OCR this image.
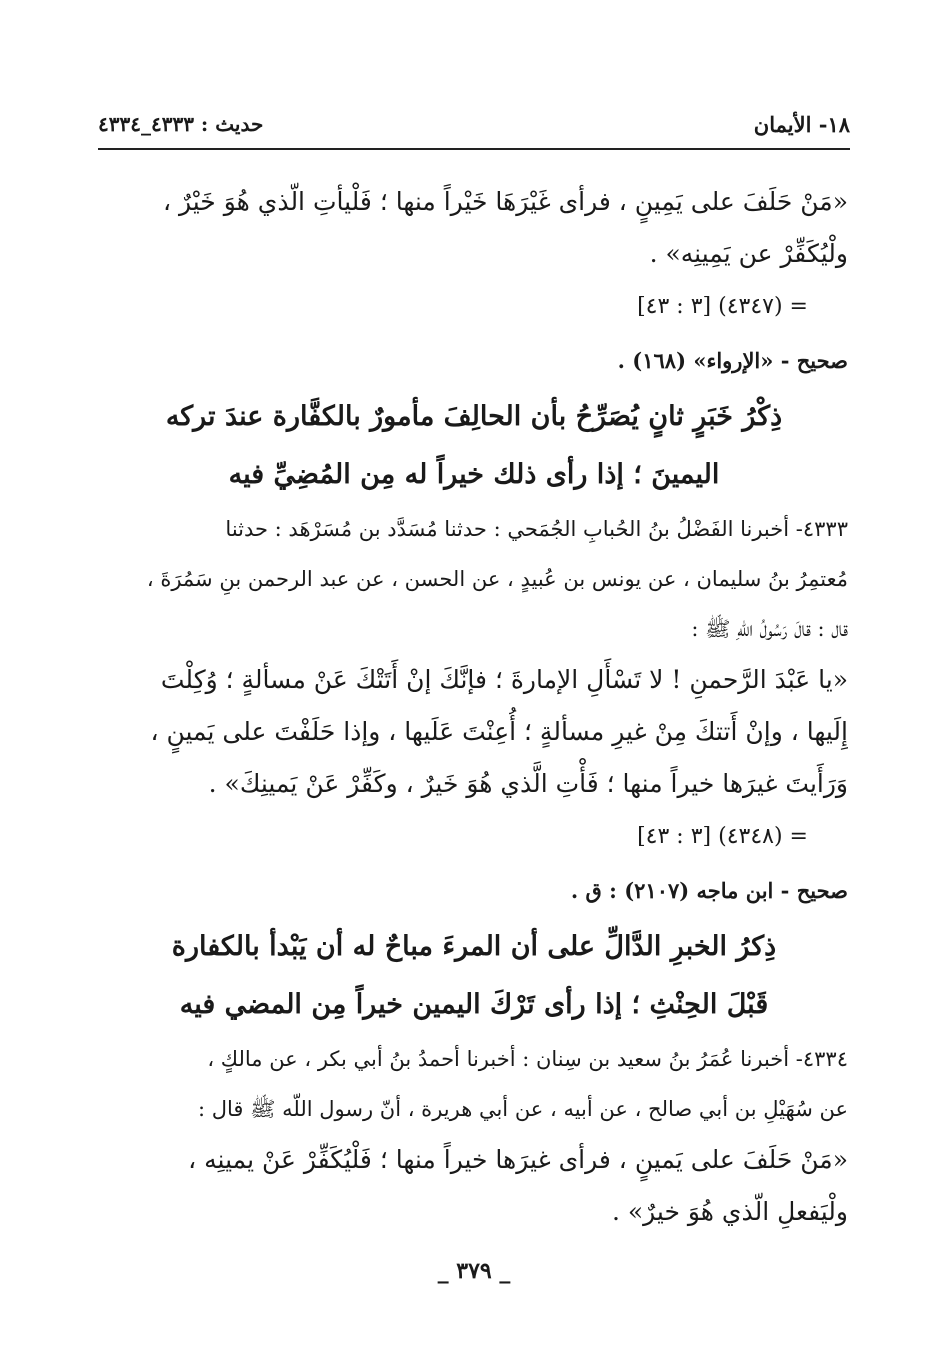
١٨- الأيمان
حديث : ٤٣٣٣_٤٣٣٤
«مَنْ حَلَفَ على يَمِينٍ ، فرأى غَيْرَهَا خَيْراً منها ؛ فَلْيأتِ الّذي هُوَ خَيْرٌ ،
ولْيُكَفِّرْ عن يَمِينِه» .
= (٤٣٤٧) [٣ : ٤٣]
صحيح - «الإرواء» (١٦٨) .
ذِكْرُ خَبَرٍ ثانٍ يُصَرِّحُ بأن الحالِفَ مأمورٌ بالكفَّارة عندَ تركه
اليمينَ ؛ إذا رأى ذلك خيراً له مِن المُضِيِّ فيه
٤٣٣٣- أخبرنا الفَضْلُ بنُ الحُبابِ الجُمَحي : حدثنا مُسَدَّد بن مُسَرْهَد : حدثنا
مُعتمِرُ بنُ سليمان ، عن يونس بن عُبيدٍ ، عن الحسن ، عن عبد الرحمن بنِ سَمُرَةَ ،
قال : قالَ رَسُولُ اللّهِ ﷺ :
«يا عَبْدَ الرَّحمنِ ! لا تَسْأَلِ الإمارةَ ؛ فإنَّكَ إنْ أَتَتْكَ عَنْ مسألةٍ ؛ وُكِلْتَ
إِلَيها ، وإنْ أَتتكَ مِنْ غيرِ مسألةٍ ؛ أُعِنْتَ عَلَيها ، وإذا حَلَفْتَ على يَمينٍ ،
وَرَأَيتَ غيرَها خيراً منها ؛ فَأْتِ الَّذي هُوَ خَيرٌ ، وكَفِّرْ عَنْ يَمينِكَ» .
= (٤٣٤٨) [٣ : ٤٣]
صحيح - ابن ماجه (٢١٠٧) : ق .
ذِكرُ الخبرِ الدَّالِّ على أن المرءَ مباحٌ له أن يَبْدأ بالكفارة
قَبْلَ الحِنْثِ ؛ إذا رأى تَرْكَ اليمين خيراً مِن المضي فيه
٤٣٣٤- أخبرنا عُمَرُ بنُ سعيد بن سِنان : أخبرنا أحمدُ بنُ أبي بكر ، عن مالكٍ ،
عن سُهَيْلِ بن أبي صالح ، عن أبيه ، عن أبي هريرة ، أنّ رسول اللّه ﷺ قال :
«مَنْ حَلَفَ على يَمينٍ ، فرأى غيرَها خيراً منها ؛ فَلْيُكَفِّرْ عَنْ يمينِه ،
ولْيَفعلِ الّذي هُوَ خيرٌ» .
_ ٣٧٩ _
